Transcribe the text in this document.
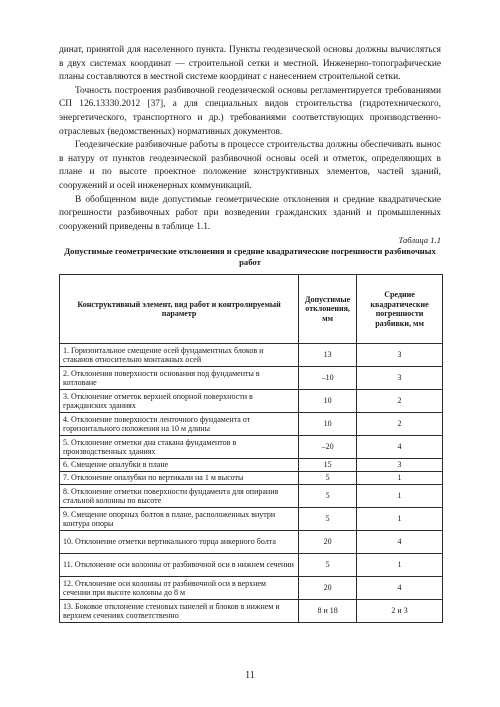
динат, принятой для населенного пункта. Пункты геодезической основы должны вычисляться в двух системах координат — строительной сетки и местной. Инженерно-топографические планы составляются в местной системе координат с нанесением строительной сетки.

Точность построения разбивочной геодезической основы регламентируется требованиями СП 126.13330.2012 [37], а для специальных видов строительства (гидротехнического, энергетического, транспортного и др.) требованиями соответствующих производственно-отраслевых (ведомственных) нормативных документов.

Геодезические разбивочные работы в процессе строительства должны обеспечивать вынос в натуру от пунктов геодезической разбивочной основы осей и отметок, определяющих в плане и по высоте проектное положение конструктивных элементов, частей зданий, сооружений и осей инженерных коммуникаций.

В обобщенном виде допустимые геометрические отклонения и средние квадратические погрешности разбивочных работ при возведении гражданских зданий и промышленных сооружений приведены в таблице 1.1.

Таблица 1.1
Допустимые геометрические отклонения и средние квадратические погрешности разбивочных работ
Конструктивный элемент, вид работ и контролируемый параметр	Допустимые отклонения, мм	Средние квадратические погрешности разбивки, мм
1. Горизонтальное смещение осей фундаментных блоков и стаканов относительно монтажных осей	13	3
2. Отклонения поверхности основания под фундаменты в котловане	–10	3
3. Отклонение отметок верхней опорной поверхности в гражданских зданиях	10	2
4. Отклонение поверхности ленточного фундамента от горизонтального положения на 10 м длины	10	2
5. Отклонение отметки дна стакана фундаментов в производственных зданиях	–20	4
6. Смещение опалубки в плане	15	3
7. Отклонение опалубки по вертикали на 1 м высоты	5	1
8. Отклонение отметки поверхности фундамента для опирания стальной колонны по высоте	5	1
9. Смещение опорных болтов в плане, расположенных внутри контура опоры	5	1
10. Отклонение отметки вертикального торца анкерного болта	20	4
11. Отклонение оси колонны от разбивочной оси в нижнем сечении	5	1
12. Отклонение оси колонны от разбивочной оси в верхнем сечении при высоте колонны до 8 м	20	4
13. Боковое отклонение стеновых панелей и блоков в нижнем и верхнем сечениях соответственно	8 и 18	2 и 3
11
